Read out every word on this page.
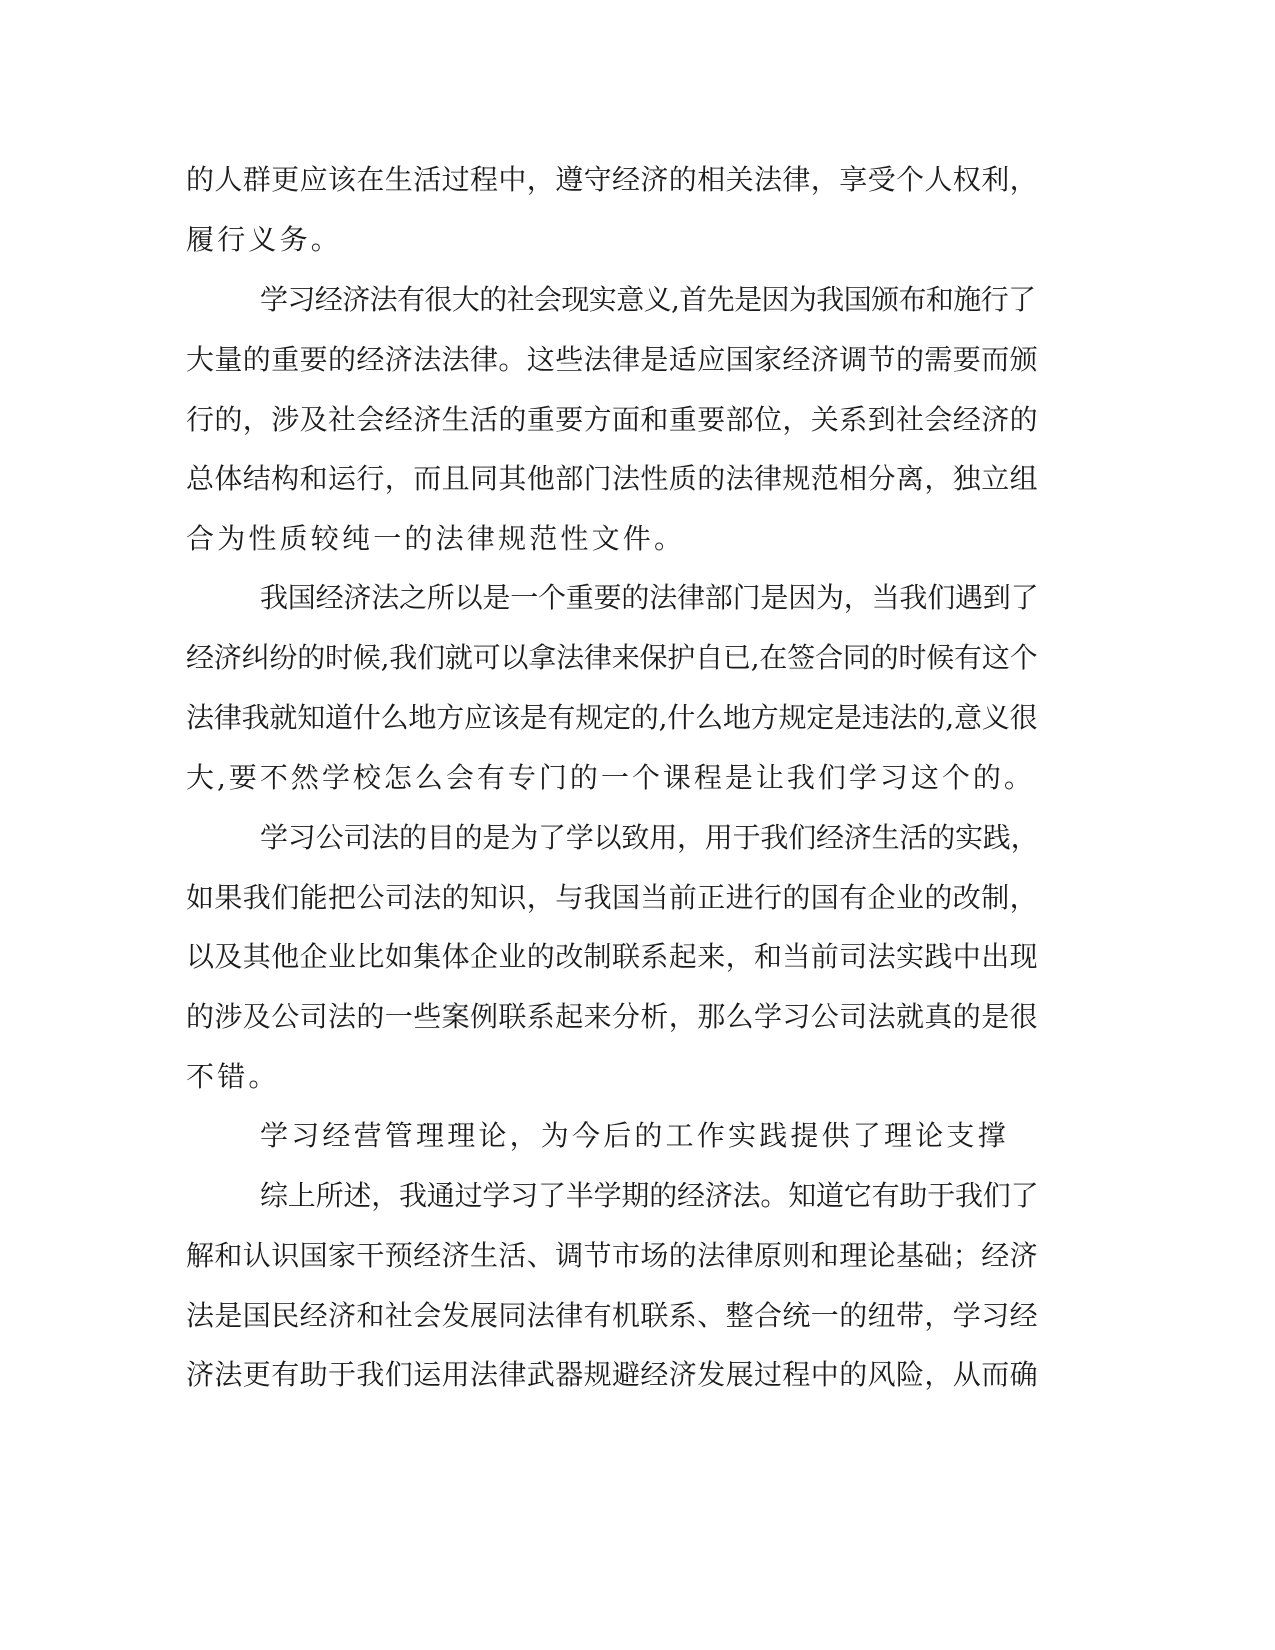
的人群更应该在生活过程中，遵守经济的相关法律，享受个人权利，

履行义务。

学习经济法有很大的社会现实意义,首先是因为我国颁布和施行了

大量的重要的经济法法律。这些法律是适应国家经济调节的需要而颁

行的，涉及社会经济生活的重要方面和重要部位，关系到社会经济的

总体结构和运行，而且同其他部门法性质的法律规范相分离，独立组

合为性质较纯一的法律规范性文件。

我国经济法之所以是一个重要的法律部门是因为，当我们遇到了

经济纠纷的时候,我们就可以拿法律来保护自已,在签合同的时候有这个

法律我就知道什么地方应该是有规定的,什么地方规定是违法的,意义很

大,要不然学校怎么会有专门的一个课程是让我们学习这个的。

学习公司法的目的是为了学以致用，用于我们经济生活的实践，

如果我们能把公司法的知识，与我国当前正进行的国有企业的改制，

以及其他企业比如集体企业的改制联系起来，和当前司法实践中出现

的涉及公司法的一些案例联系起来分析，那么学习公司法就真的是很

不错。

学习经营管理理论，为今后的工作实践提供了理论支撑

综上所述，我通过学习了半学期的经济法。知道它有助于我们了

解和认识国家干预经济生活、调节市场的法律原则和理论基础；经济

法是国民经济和社会发展同法律有机联系、整合统一的纽带，学习经

济法更有助于我们运用法律武器规避经济发展过程中的风险，从而确
